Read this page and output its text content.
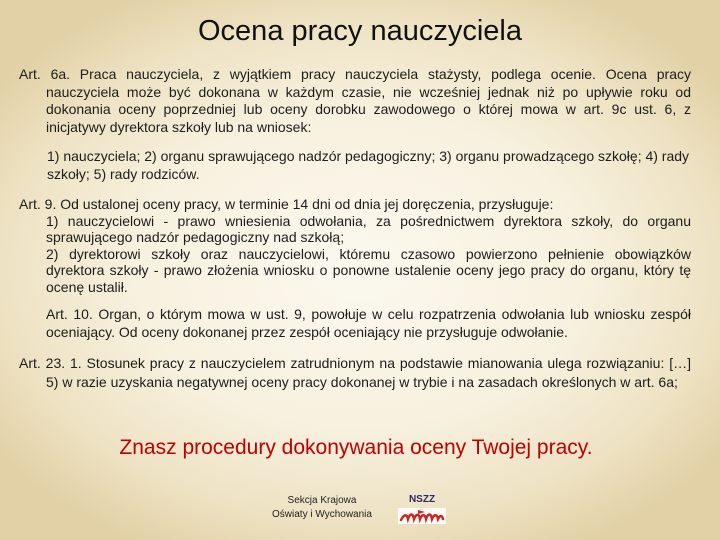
Ocena pracy nauczyciela
Art. 6a. Praca nauczyciela, z wyjątkiem pracy nauczyciela stażysty, podlega ocenie. Ocena pracy nauczyciela może być dokonana w każdym czasie, nie wcześniej jednak niż po upływie roku od dokonania oceny poprzedniej lub oceny dorobku zawodowego o której mowa w art. 9c ust. 6, z inicjatywy dyrektora szkoły lub na wniosek:
1) nauczyciela; 2) organu sprawującego nadzór pedagogiczny; 3) organu prowadzącego szkołę; 4) rady szkoły; 5) rady rodziców.
Art. 9. Od ustalonej oceny pracy, w terminie 14 dni od dnia jej doręczenia, przysługuje:
1) nauczycielowi - prawo wniesienia odwołania, za pośrednictwem dyrektora szkoły, do organu sprawującego nadzór pedagogiczny nad szkołą;
2) dyrektorowi szkoły oraz nauczycielowi, któremu czasowo powierzono pełnienie obowiązków dyrektora szkoły - prawo złożenia wniosku o ponowne ustalenie oceny jego pracy do organu, który tę ocenę ustalił.
Art. 10. Organ, o którym mowa w ust. 9, powołuje w celu rozpatrzenia odwołania lub wniosku zespół oceniający. Od oceny dokonanej przez zespół oceniający nie przysługuje odwołanie.
Art. 23. 1. Stosunek pracy z nauczycielem zatrudnionym na podstawie mianowania ulega rozwiązaniu: […] 5) w razie uzyskania negatywnej oceny pracy dokonanej w trybie i na zasadach określonych w art. 6a;
Znasz procedury dokonywania oceny Twojej pracy.
Sekcja Krajowa
Oświaty i Wychowania
NSZZ
